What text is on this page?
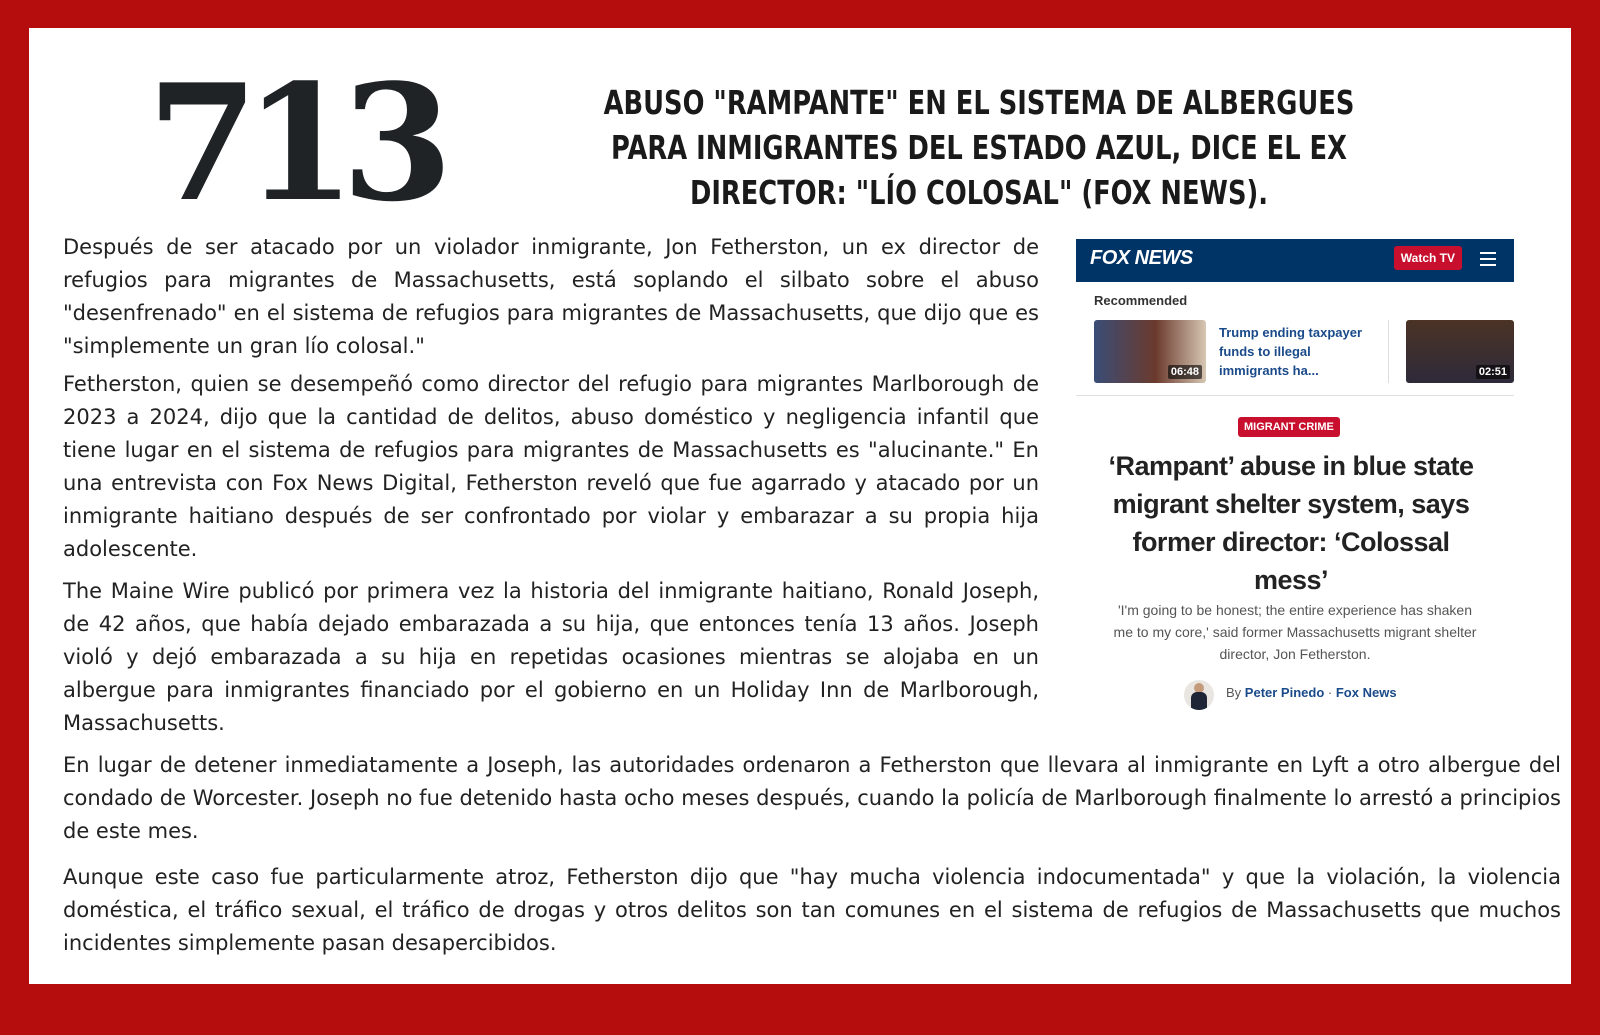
713	ABUSO "RAMPANTE" EN EL SISTEMA DE ALBERGUES PARA INMIGRANTES DEL ESTADO AZUL, DICE EL EX DIRECTOR: "LÍO COLOSAL" (FOX NEWS).

Después de ser atacado por un violador inmigrante, Jon Fetherston, un ex director de refugios para migrantes de Massachusetts, está soplando el silbato sobre el abuso "desenfrenado" en el sistema de refugios para migrantes de Massachusetts, que dijo que es "simplemente un gran lío colosal."

Fetherston, quien se desempeñó como director del refugio para migrantes Marlborough de 2023 a 2024, dijo que la cantidad de delitos, abuso doméstico y negligencia infantil que tiene lugar en el sistema de refugios para migrantes de Massachusetts es "alucinante." En una entrevista con Fox News Digital, Fetherston reveló que fue agarrado y atacado por un inmigrante haitiano después de ser confrontado por violar y embarazar a su propia hija adolescente.

The Maine Wire publicó por primera vez la historia del inmigrante haitiano, Ronald Joseph, de 42 años, que había dejado embarazada a su hija, que entonces tenía 13 años. Joseph violó y dejó embarazada a su hija en repetidas ocasiones mientras se alojaba en un albergue para inmigrantes financiado por el gobierno en un Holiday Inn de Marlborough, Massachusetts.

En lugar de detener inmediatamente a Joseph, las autoridades ordenaron a Fetherston que llevara al inmigrante en Lyft a otro albergue del condado de Worcester. Joseph no fue detenido hasta ocho meses después, cuando la policía de Marlborough finalmente lo arrestó a principios de este mes.

Aunque este caso fue particularmente atroz, Fetherston dijo que "hay mucha violencia indocumentada" y que la violación, la violencia doméstica, el tráfico sexual, el tráfico de drogas y otros delitos son tan comunes en el sistema de refugios de Massachusetts que muchos incidentes simplemente pasan desapercibidos.

FOX NEWS	Watch TV
Recommended
06:48
Trump ending taxpayer funds to illegal immigrants ha...	02:51
MIGRANT CRIME
‘Rampant’ abuse in blue state migrant shelter system, says former director: ‘Colossal mess’
'I'm going to be honest; the entire experience has shaken me to my core,' said former Massachusetts migrant shelter director, Jon Fetherston.
By Peter Pinedo · Fox News
